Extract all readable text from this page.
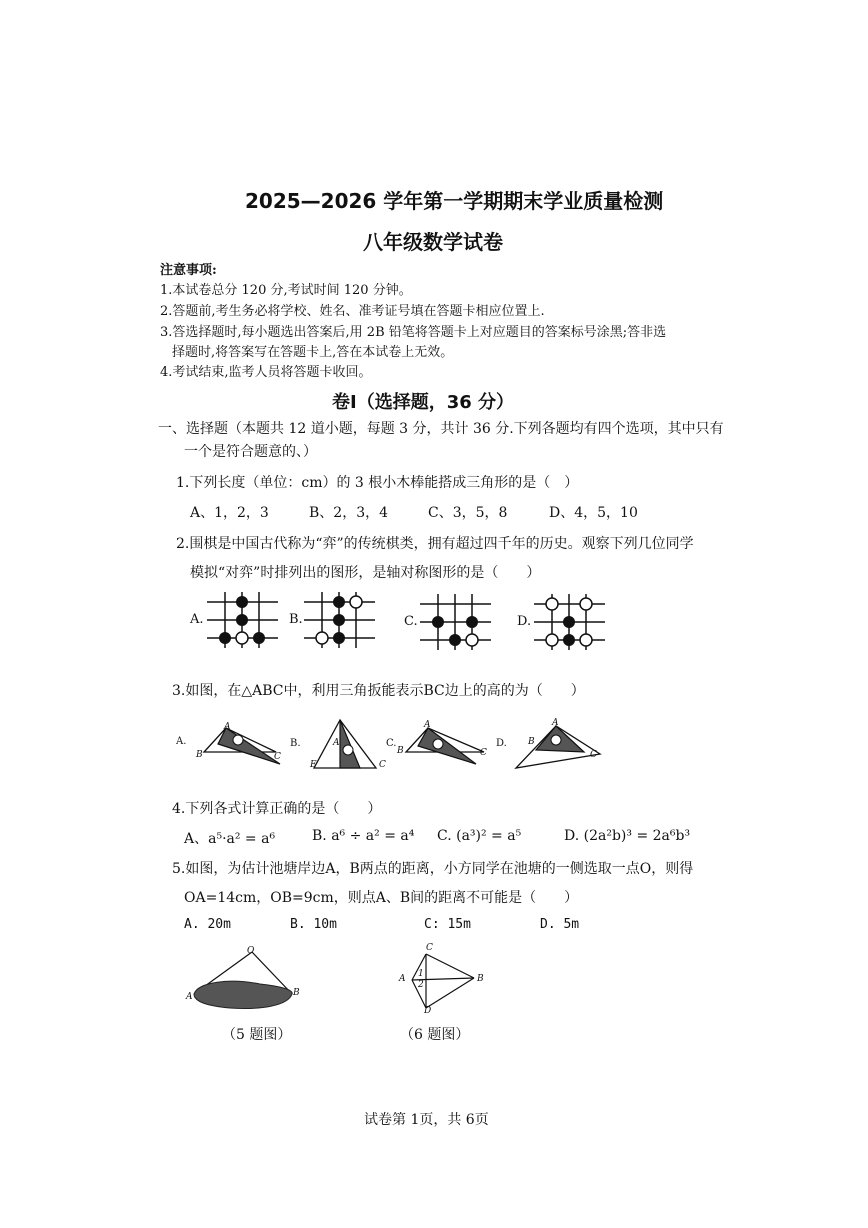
2025—2026 学年第一学期期末学业质量检测
八年级数学试卷
注意事项:
1.本试卷总分 120 分,考试时间 120 分钟。
2.答题前,考生务必将学校、姓名、准考证号填在答题卡相应位置上.
3.答选择题时,每小题选出答案后,用 2B 铅笔将答题卡上对应题目的答案标号涂黑;答非选
择题时,将答案写在答题卡上,答在本试卷上无效。
4.考试结束,监考人员将答题卡收回。
卷Ⅰ（选择题，36 分）
一、选择题（本题共 12 道小题，每题 3 分，共计 36 分.下列各题均有四个选项，其中只有
一个是符合题意的、）
1.下列长度（单位：cm）的 3 根小木棒能搭成三角形的是（　）
A、1，2，3	B、2，3，4	C、3，5，8	D、4，5，10
2.围棋是中国古代称为“弈”的传统棋类，拥有超过四千年的历史。观察下列几位同学
模拟“对弈”时排列出的图形，是轴对称图形的是（　　）
A.	B.	C.	D.
3.如图，在△ABC中，利用三角扳能表示BC边上的高的为（　　）
A.
A
B	C
B.	A
E	C
C.
A
B	C
D.
A
B
C
4.下列各式计算正确的是（　　）
A、a⁵·a² = a⁶	B. a⁶ ÷ a² = a⁴ C. (a³)² = a⁵	D. (2a²b)³ = 2a⁶b³
5.如图，为估计池塘岸边A，B两点的距离，小方同学在池塘的一侧选取一点O，则得
OA=14cm，OB=9cm，则点A、B间的距离不可能是（　　）
A. 20m	B. 10m	C: 15m	D. 5m
O
A	B
（5 题图）
C
A 1
2
B
D
（6 题图）
试卷第 1页，共 6页
